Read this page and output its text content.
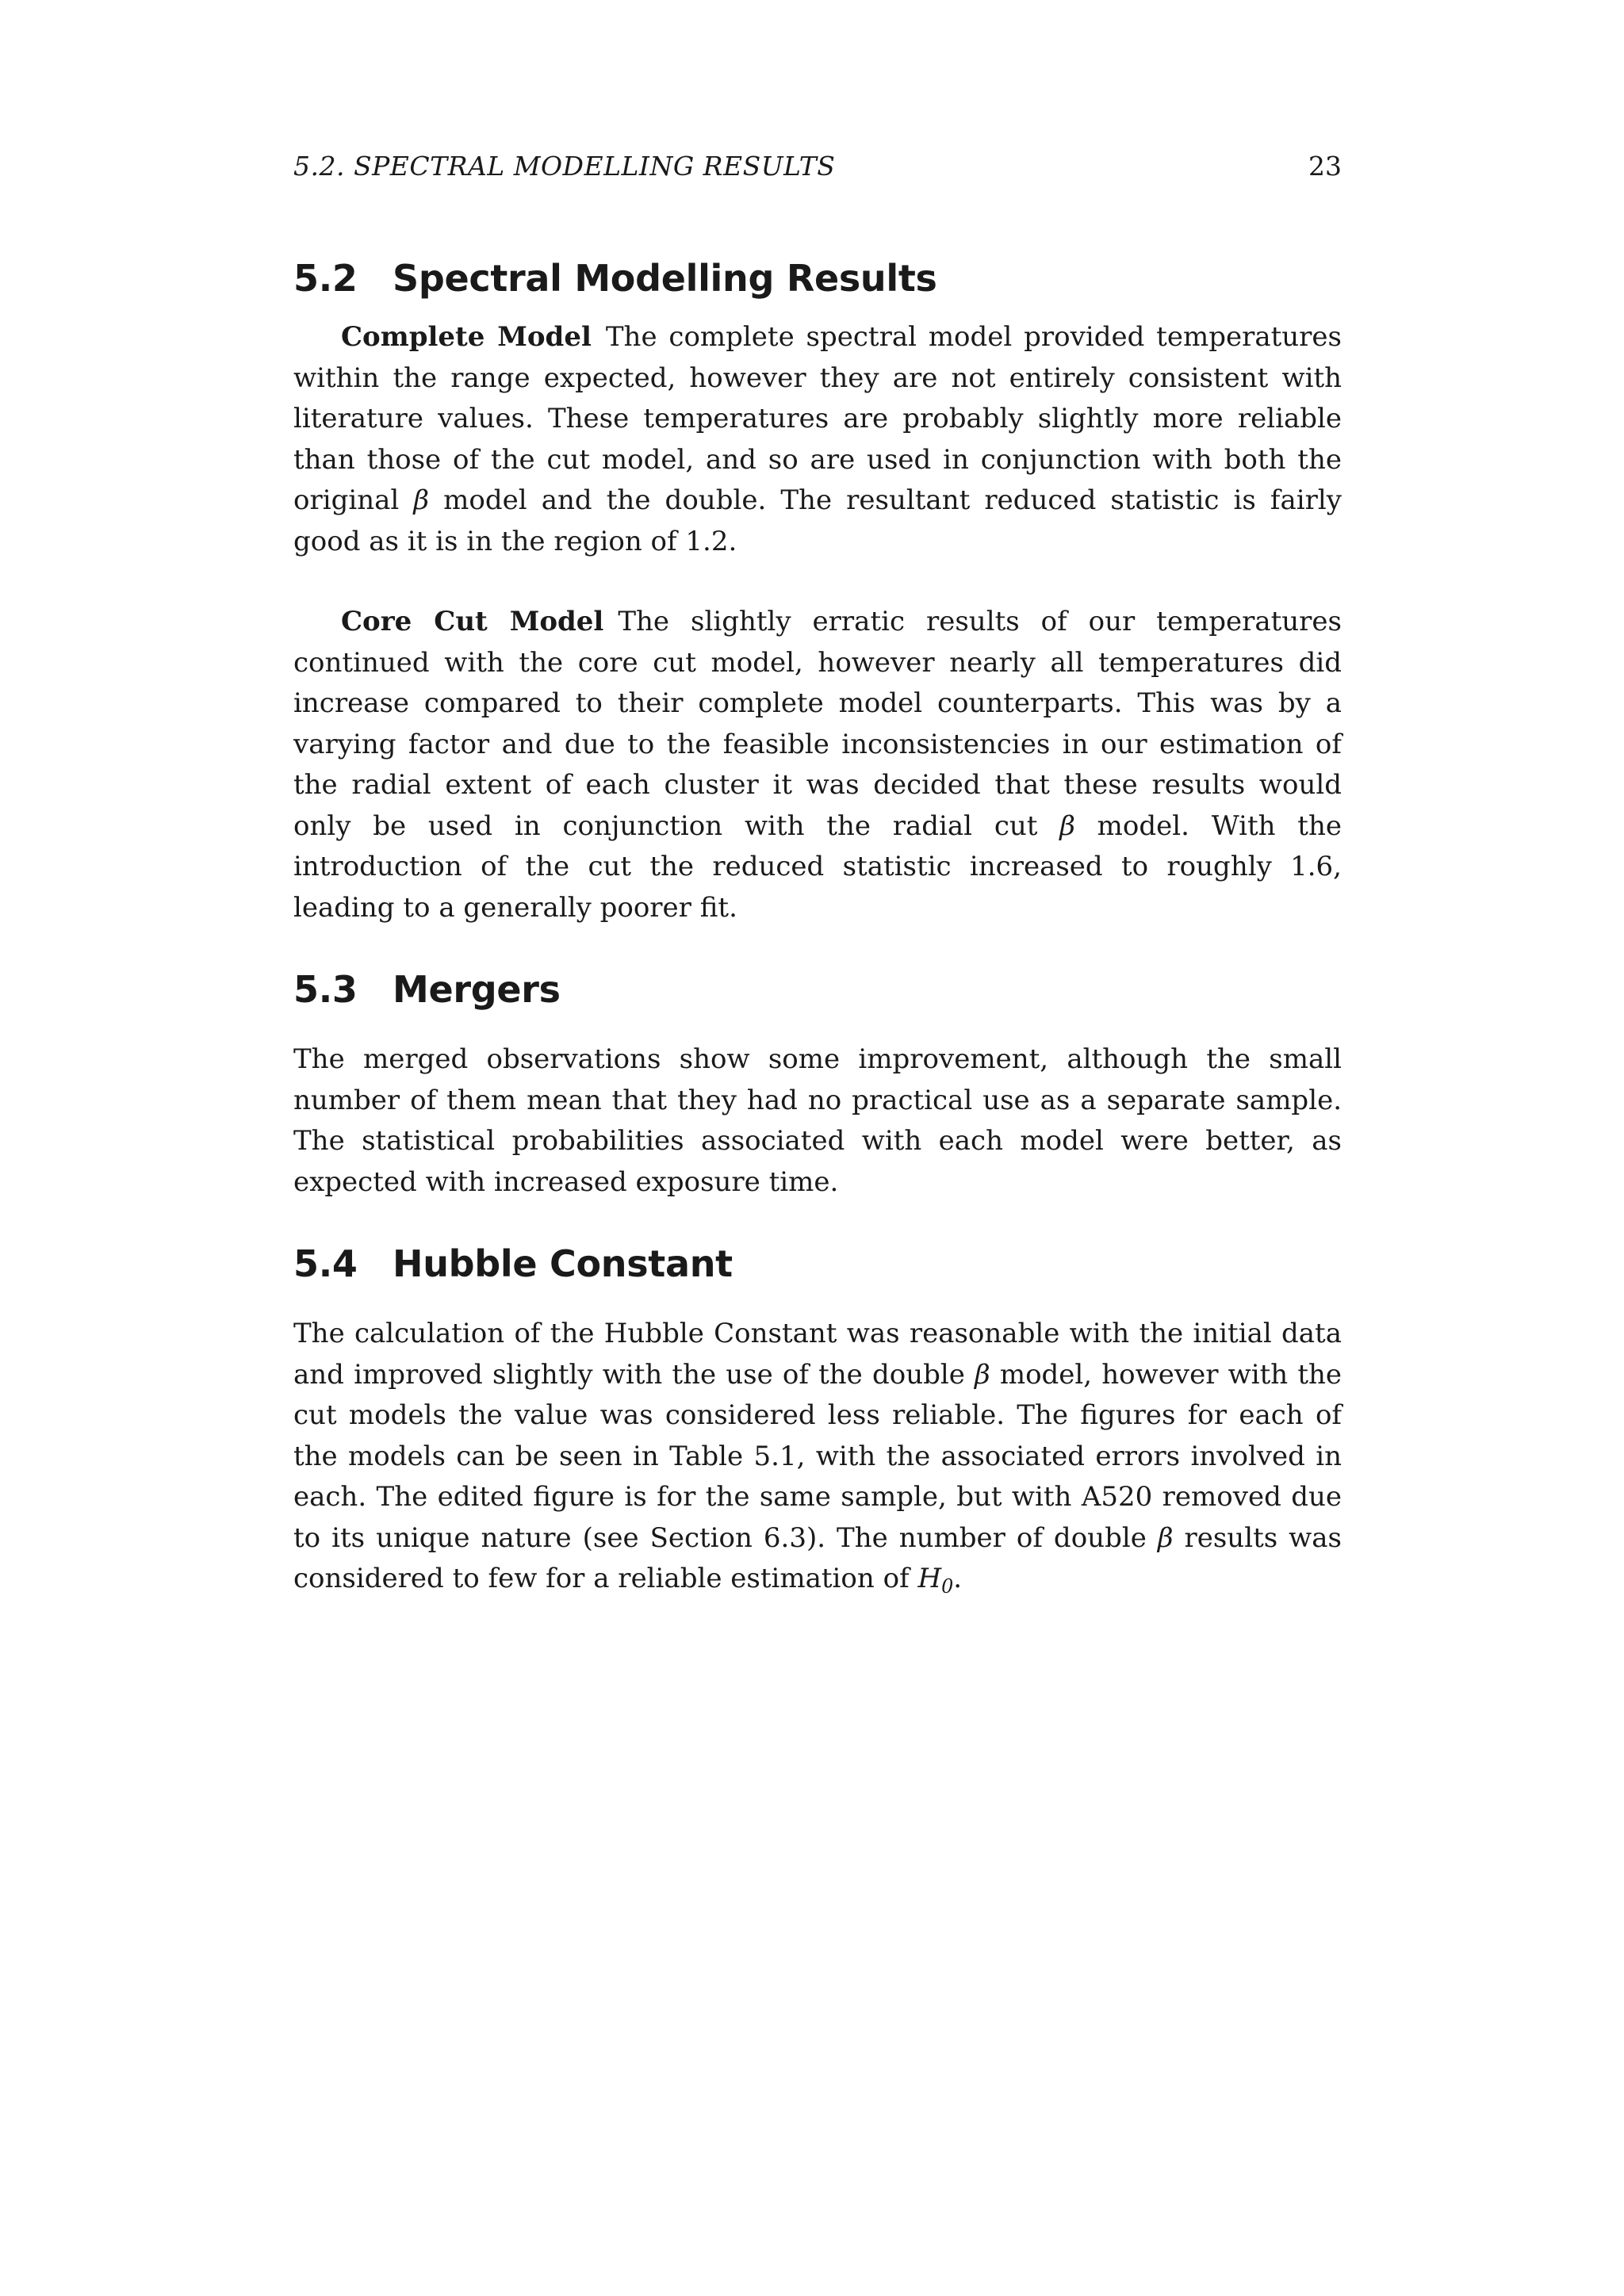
5.2. SPECTRAL MODELLING RESULTS	23
5.2 Spectral Modelling Results

Complete Model The complete spectral model provided temperatures within the range expected, however they are not entirely consistent with literature values. These temperatures are probably slightly more reliable than those of the cut model, and so are used in conjunction with both the original β model and the double. The resultant reduced statistic is fairly good as it is in the region of 1.2.

Core Cut Model The slightly erratic results of our temperatures continued with the core cut model, however nearly all temperatures did increase compared to their complete model counterparts. This was by a varying factor and due to the feasible inconsistencies in our estimation of the radial extent of each cluster it was decided that these results would only be used in conjunction with the radial cut β model. With the introduction of the cut the reduced statistic increased to roughly 1.6, leading to a generally poorer fit.

5.3 Mergers

The merged observations show some improvement, although the small number of them mean that they had no practical use as a separate sample. The statistical probabilities associated with each model were better, as expected with increased exposure time.

5.4 Hubble Constant

The calculation of the Hubble Constant was reasonable with the initial data and improved slightly with the use of the double β model, however with the cut models the value was considered less reliable. The figures for each of the models can be seen in Table 5.1, with the associated errors involved in each. The edited figure is for the same sample, but with A520 removed due to its unique nature (see Section 6.3). The number of double β results was considered to few for a reliable estimation of $H_0$.
